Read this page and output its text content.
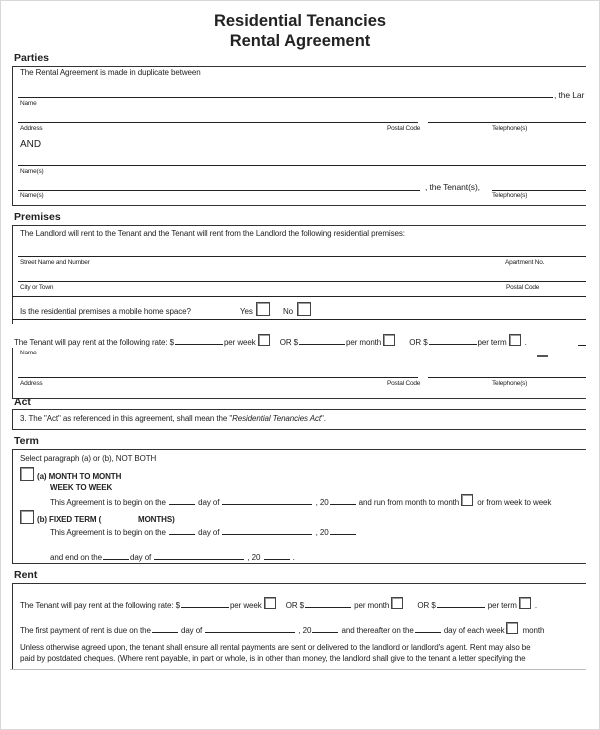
Residential Tenancies
Rental Agreement
Parties
The Rental Agreement is made in duplicate between
, the Lar
Name
Address	Postal Code	Telephone(s)
AND
Name(s)
, the Tenant(s),
Name(s)	Telephone(s)
Premises
The Landlord will rent to the Tenant and the Tenant will rent from the Landlord the following residential premises:
Street Name and Number	Apartment No.
City or Town	Postal Code
Is the residential premises a mobile home space?	Yes	No
The Tenant will pay rent at the following rate: $	per week	OR $	per month	OR $	per term .
Name
Address	Postal Code	Telephone(s)
Act
3. The "Act" as referenced in this agreement, shall mean the "Residential Tenancies Act".
Term
Select paragraph (a) or (b), NOT BOTH
(a) MONTH TO MONTH
WEEK TO WEEK
This Agreement is to begin on the	day of	, 20	and run from month to month or from week to week
(b) FIXED TERM (	MONTHS)
This Agreement is to begin on the	day of	, 20
and end on the	day of	, 20	.
Rent
The Tenant will pay rent at the following rate: $	per week	OR $	per month	OR $	per term .
The first payment of rent is due on the	day of	, 20	and thereafter on the	day of each week month
Unless otherwise agreed upon, the tenant shall ensure all rental payments are sent or delivered to the landlord or landlord's agent. Rent may also be
paid by postdated cheques. (Where rent payable, in part or whole, is in other than money, the landlord shall give to the tenant a letter specifying the
